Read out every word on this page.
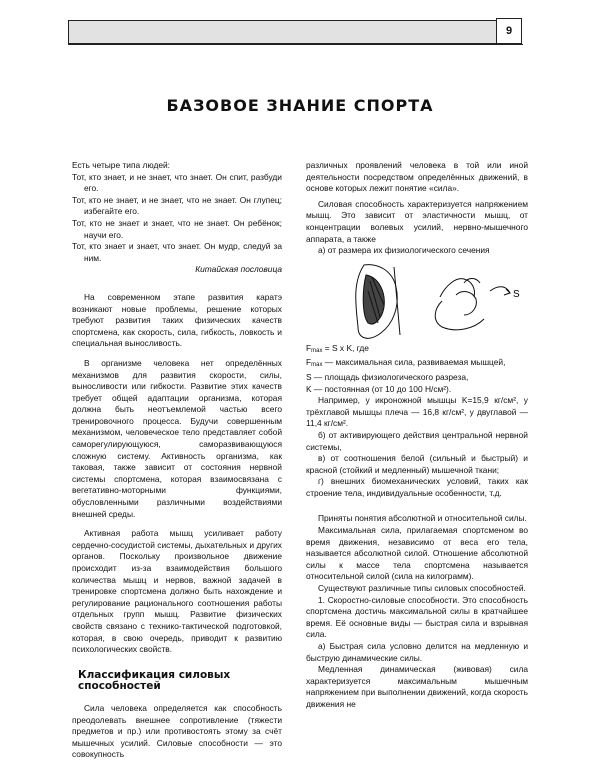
9
БАЗОВОЕ ЗНАНИЕ СПОРТА

Есть четыре типа людей:

Тот, кто знает, и не знает, что знает. Он спит, разбуди его.

Тот, кто не знает, и не знает, что не знает. Он глупец; избегайте его.

Тот, кто не знает и знает, что не знает. Он ребёнок; научи его.

Тот, кто знает и знает, что знает. Он мудр, следуй за ним.

Китайская пословица

На современном этапе развития каратэ возникают новые проблемы, решение которых требуют развития таких физических качеств спортсмена, как скорость, сила, гибкость, ловкость и специальная выносливость.

В организме человека нет определённых механизмов для развития скорости, силы, выносливости или гибкости. Развитие этих качеств требует общей адаптации организма, которая должна быть неотъемлемой частью всего тренировочного процесса. Будучи совершенным механизмом, человеческое тело представляет собой саморегулирующуюся, саморазвивающуюся сложную систему. Активность организма, как таковая, также зависит от состояния нервной системы спортсмена, которая взаимосвязана с вегетативно-моторными функциями, обусловленными различными воздействиями внешней среды.

Активная работа мышц усиливает работу сердечно-сосудистой системы, дыхательных и других органов. Поскольку произвольное движение происходит из-за взаимодействия большого количества мышц и нервов, важной задачей в тренировке спортсмена должно быть нахождение и регулирование рационального соотношения работы отдельных групп мышц. Развитие физических свойств связано с технико-тактической подготовкой, которая, в свою очередь, приводит к развитию психологических свойств.

Классификация силовых способностей

Сила человека определяется как способность преодолевать внешнее сопротивление (тяжести предметов и пр.) или противостоять этому за счёт мышечных усилий. Силовые способности — это совокупность

различных проявлений человека в той или иной деятельности посредством определённых движений, в основе которых лежит понятие «сила».

Силовая способность характеризуется напряжением мышц. Это зависит от эластичности мышц, от концентрации волевых усилий, нервно-мышечного аппарата, а также

а) от размера их физиологического сечения

S

Fmax = S x K, где

Fmax — максимальная сила, развиваемая мышцей,

S — площадь физиологического разреза,

K — постоянная (от 10 до 100 Н/см²).

Например, у икроножной мышцы K=15,9 кг/см², у трёхглавой мышцы плеча — 16,8 кг/см², у двуглавой — 11,4 кг/см².

б) от активирующего действия центральной нервной системы,

в) от соотношения белой (сильный и быстрый) и красной (стойкий и медленный) мышечной ткани;

г) внешних биомеханических условий, таких как строение тела, индивидуальные особенности, т.д.

Приняты понятия абсолютной и относительной силы.

Максимальная сила, прилагаемая спортсменом во время движения, независимо от веса его тела, называется абсолютной силой. Отношение абсолютной силы к массе тела спортсмена называется относительной силой (сила на килограмм).

Существуют различные типы силовых способностей.

1. Скоростно-силовые способности. Это способность спортсмена достичь максимальной силы в кратчайшее время. Её основные виды — быстрая сила и взрывная сила.

а) Быстрая сила условно делится на медленную и быструю динамические силы.

Медленная динамическая (живовая) сила характеризуется максимальным мышечным напряжением при выполнении движений, когда скорость движения не
